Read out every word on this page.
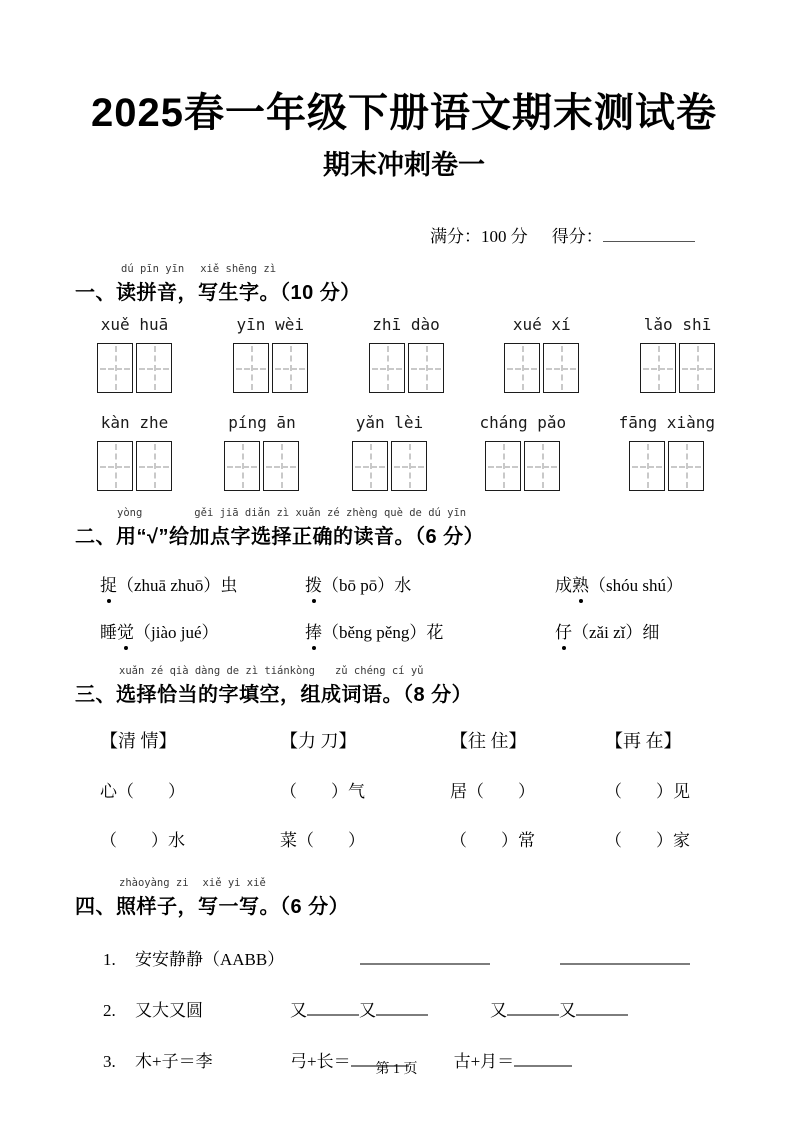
2025春一年级下册语文期末测试卷
期末冲刺卷一
满分：100 分 得分：
dú pīn yīn xiě shēng zì
一、读拼音，写生字。（10 分）
xuě huā	yīn wèi	zhī dào	xué xí	lǎo shī
kàn zhe	píng ān	yǎn lèi	cháng pǎo	fāng xiàng
yòng	gěi jiā diǎn zì xuǎn zé zhèng què de dú yīn
二、用“√”给加点字选择正确的读音。（6 分）
捉（zhuā zhuō）虫	拨（bō pō）水	成熟（shóu shú）
睡觉（jiào jué）	捧（běng pěng）花	仔（zǎi zǐ）细
xuǎn zé qià dàng de zì tiánkòng zǔ chéng cí yǔ
三、选择恰当的字填空，组成词语。（8 分）
【清 情】	【力 刀】	【往 住】	【再 在】
心（　　）	（　　）气	居（　　）	（　　）见
（　　）水	菜（　　）	（　　）常	（　　）家
zhàoyàng zi xiě yi xiě
四、照样子，写一写。（6 分）
1.	安安静静（AABB）
2.	又大又圆	又	又	又	又
3.	木+子＝李	弓+长＝	古+月＝
第 1 页
